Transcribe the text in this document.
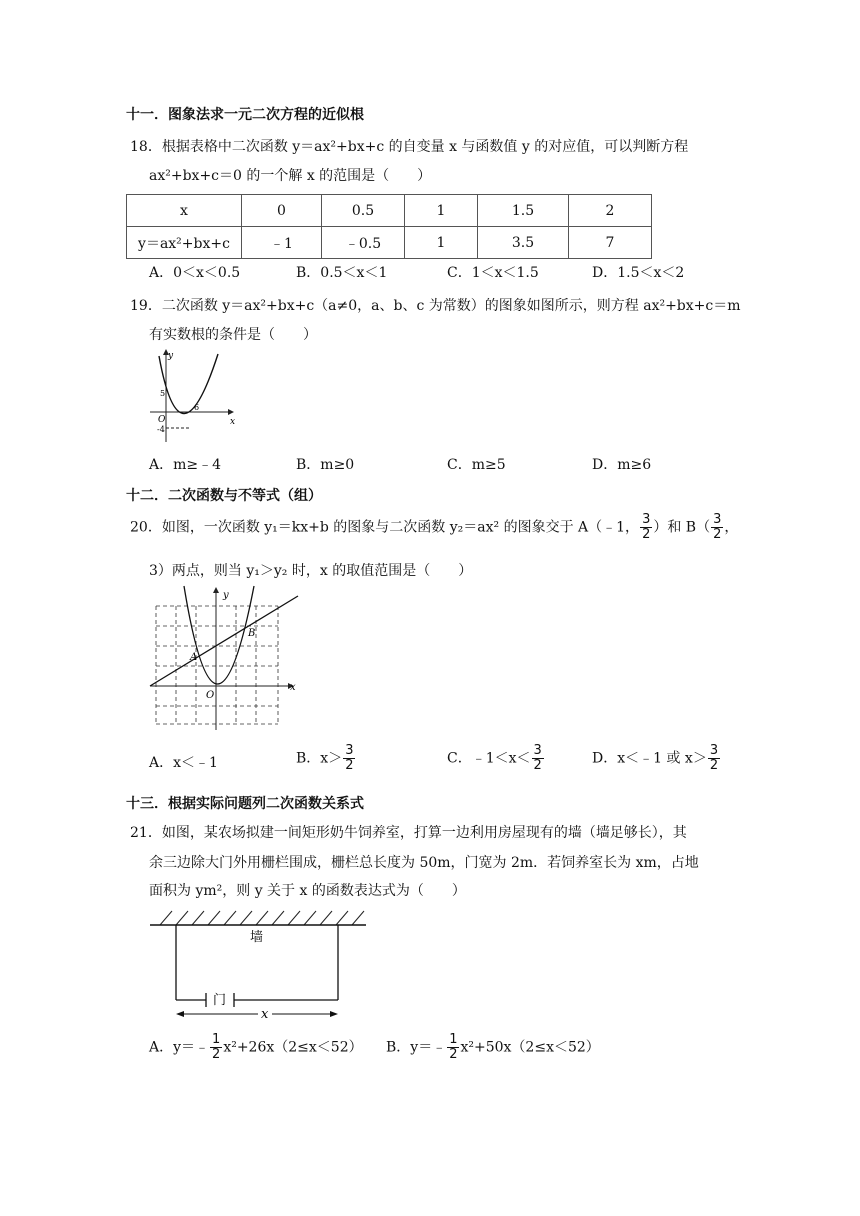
十一．图象法求一元二次方程的近似根
18．根据表格中二次函数 y＝ax²+bx+c 的自变量 x 与函数值 y 的对应值，可以判断方程
ax²+bx+c＝0 的一个解 x 的范围是（　　）
x	0	0.5	1	1.5	2
y＝ax²+bx+c	﹣1	﹣0.5	1	3.5	7
A．0＜x＜0.5	B．0.5＜x＜1	C．1＜x＜1.5	D．1.5＜x＜2
19．二次函数 y＝ax²+bx+c（a≠0，a、b、c 为常数）的图象如图所示，则方程 ax²+bx+c＝m
有实数根的条件是（　　）
y
x
O
5
6
-4
A．m≥﹣4	B．m≥0	C．m≥5	D．m≥6
十二．二次函数与不等式（组）
20．如图，一次函数 y₁＝kx+b 的图象与二次函数 y₂＝ax² 的图象交于 A（﹣1， $\frac{3}{2}$ ）和 $B( \frac{3}{2}$ ，
3）两点，则当 y₁＞y₂ 时，x 的取值范围是（　　）
y
x
O
A
B
A．x＜﹣1	B．$x> \frac{3}{2}$	C．﹣1＜x＜ $\frac{3}{2}$	D．x＜﹣1 或 $x> \frac{3}{2}$
十三．根据实际问题列二次函数关系式
21．如图，某农场拟建一间矩形奶牛饲养室，打算一边利用房屋现有的墙（墙足够长），其
余三边除大门外用栅栏围成，栅栏总长度为 50m，门宽为 2m．若饲养室长为 xm，占地
面积为 ym²，则 y 关于 x 的函数表达式为（　　）
墙
门
x
A．y＝﹣ $\frac{1}{2} x^2+26x(2\le x<52)$ B．y＝﹣ $\frac{1}{2} x^2+50x(2\le x<52)$
